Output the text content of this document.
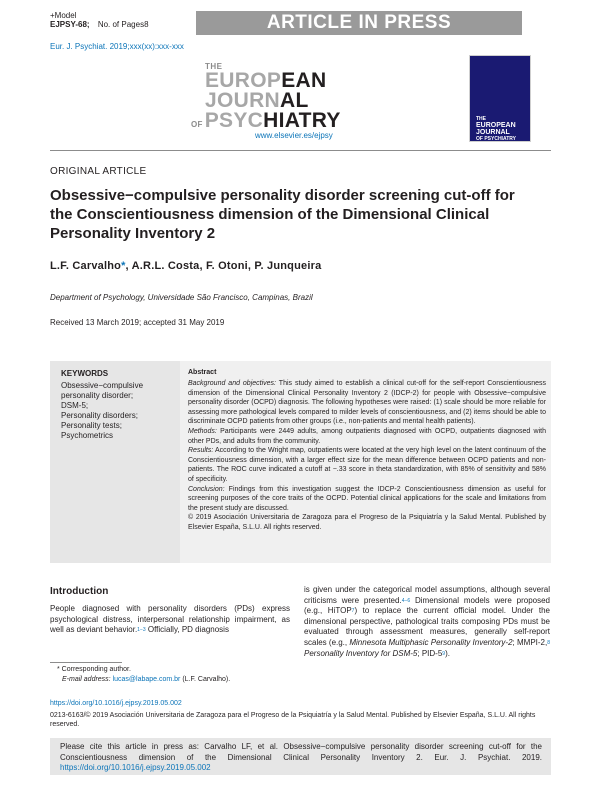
+Model
EJPSY-68; No. of Pages8	ARTICLE IN PRESS
Eur. J. Psychiat. 2019;xxx(xx):xxx-xxx
THE
EUROPEAN
JOURNAL
OFPSYCHIATRY
www.elsevier.es/ejpsy
THE
EUROPEAN
JOURNAL
OF PSYCHIATRY
ORIGINAL ARTICLE
Obsessive−compulsive personality disorder screening cut-off for the Conscientiousness dimension of the Dimensional Clinical Personality Inventory 2
L.F. Carvalho*, A.R.L. Costa, F. Otoni, P. Junqueira
Department of Psychology, Universidade São Francisco, Campinas, Brazil
Received 13 March 2019; accepted 31 May 2019
KEYWORDS
Obsessive−compulsive personality disorder;
DSM-5;
Personality disorders;
Personality tests;
Psychometrics
Abstract

Background and objectives: This study aimed to establish a clinical cut-off for the self-report Conscientiousness dimension of the Dimensional Clinical Personality Inventory 2 (IDCP-2) for people with Obsessive−compulsive personality disorder (OCPD) diagnosis. The following hypotheses were raised: (1) scale should be more reliable for assessing more pathological levels compared to milder levels of conscientiousness, and (2) items should be able to discriminate OCPD patients from other groups (i.e., non-patients and mental health patients).

Methods: Participants were 2449 adults, among outpatients diagnosed with OCPD, outpatients diagnosed with other PDs, and adults from the community.

Results: According to the Wright map, outpatients were located at the very high level on the latent continuum of the Conscientiousness dimension, with a larger effect size for the mean difference between OCPD patients and non-patients. The ROC curve indicated a cutoff at −.33 score in theta standardization, with 85% of sensitivity and 58% of specificity.

Conclusion: Findings from this investigation suggest the IDCP-2 Conscientiousness dimension as useful for screening purposes of the core traits of the OCPD. Potential clinical applications for the scale and limitations from the present study are discussed.

© 2019 Asociación Universitaria de Zaragoza para el Progreso de la Psiquiatría y la Salud Mental. Published by Elsevier España, S.L.U. All rights reserved.

Introduction
People diagnosed with personality disorders (PDs) express psychological distress, interpersonal relationship impairment, as well as deviant behavior.$^{1-3}$ Officially, PD diagnosis
is given under the categorical model assumptions, although several criticisms were presented.$^{4-6}$ Dimensional models were proposed (e.g., HiTOP$^7$) to replace the current official model. Under the dimensional perspective, pathological traits composing PDs must be evaluated through assessment measures, generally self-report scales (e.g., Minnesota Multiphasic Personality Inventory-2; MMPI-2,$^8$ Personality Inventory for DSM-5; PID-$5^9$).
* Corresponding author.
E-mail address: lucas@labape.com.br (L.F. Carvalho).
https://doi.org/10.1016/j.ejpsy.2019.05.002
0213-6163/© 2019 Asociación Universitaria de Zaragoza para el Progreso de la Psiquiatría y la Salud Mental. Published by Elsevier España, S.L.U. All rights reserved.
Please cite this article in press as: Carvalho LF, et al. Obsessive−compulsive personality disorder screening cut-off for the Conscientiousness dimension of the Dimensional Clinical Personality Inventory 2. Eur. J. Psychiat. 2019. https://doi.org/10.1016/j.ejpsy.2019.05.002
